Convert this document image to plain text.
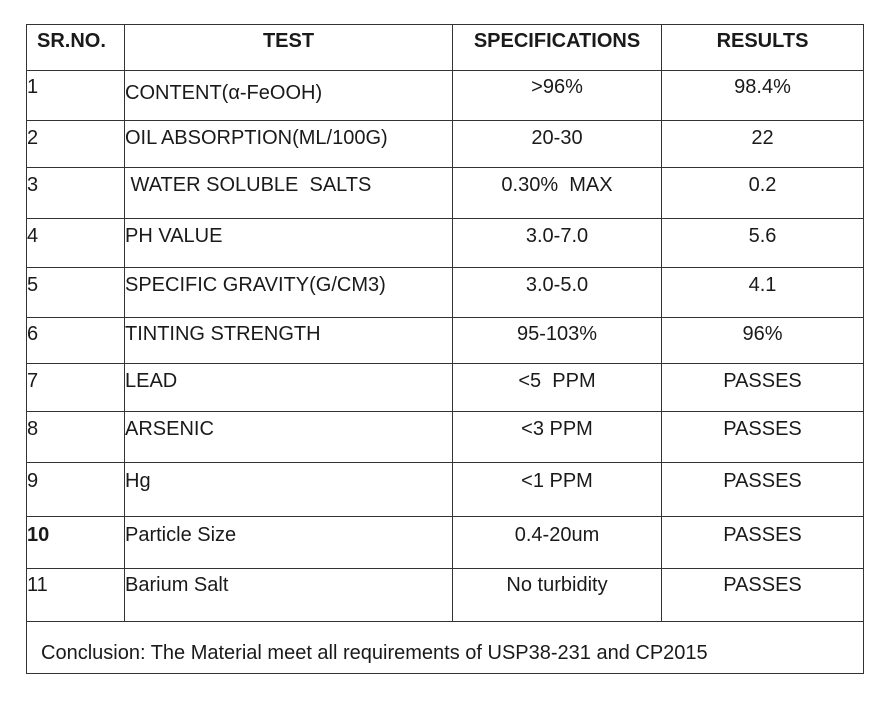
SR.NO.	TEST	SPECIFICATIONS	RESULTS
1	CONTENT(α-FeOOH)	>96%	98.4%
2	OIL ABSORPTION(ML/100G)	20-30	22
3	WATER SOLUBLE  SALTS	0.30%  MAX	0.2
4	PH VALUE	3.0-7.0	5.6
5	SPECIFIC GRAVITY(G/CM3)	3.0-5.0	4.1
6	TINTING STRENGTH	95-103%	96%
7	LEAD	<5  PPM	PASSES
8	ARSENIC	<3 PPM	PASSES
9	Hg	<1 PPM	PASSES
10	Particle Size	0.4-20um	PASSES
11	Barium Salt	No turbidity	PASSES
Conclusion: The Material meet all requirements of USP38-231 and CP2015			
